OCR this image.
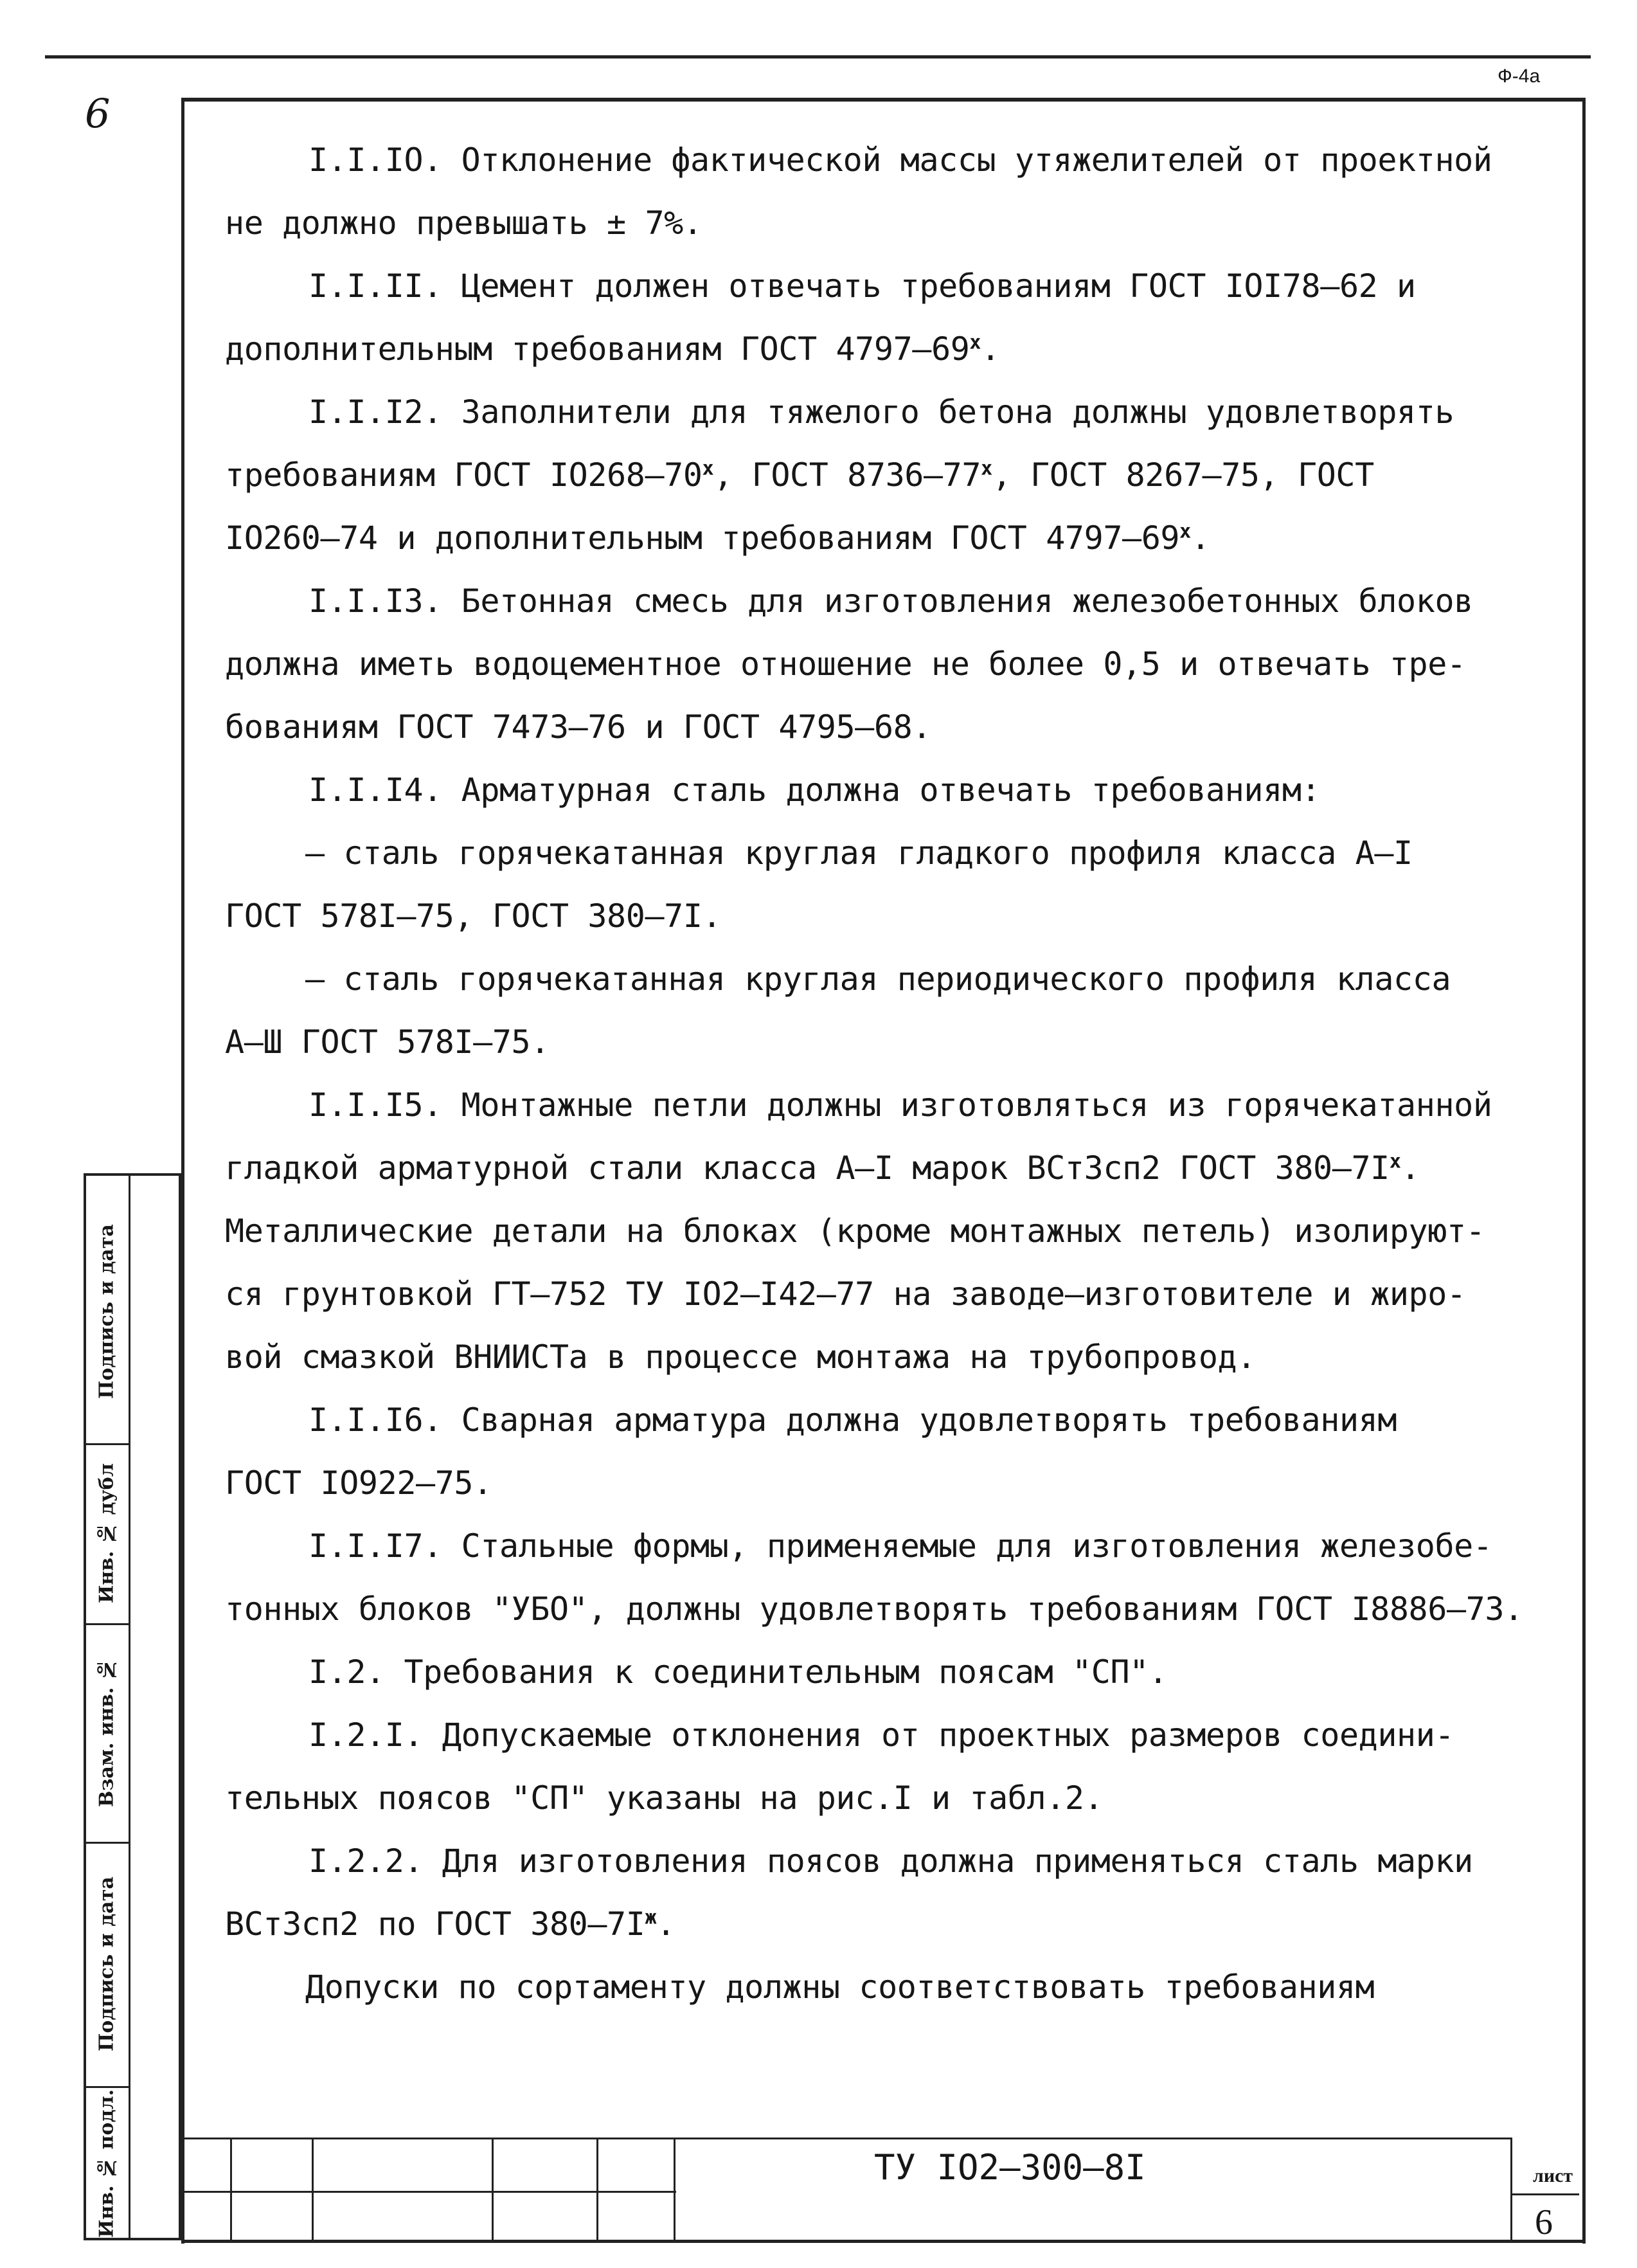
Ф-4а
6
Подпись и дата
Инв. № дубл
Взам. инв. №
Подпись и дата
Инв. № подл.
I.I.IO. Отклонение фактической массы утяжелителей от проектной
не должно превышать ± 7%.
I.I.II. Цемент должен отвечать требованиям ГОСТ IOI78–62 и
дополнительным требованиям ГОСТ $4797-69^х$.
I.I.I2. Заполнители для тяжелого бетона должны удовлетворять
требованиям ГОСТ $IO268-70^х$, ГОСТ $8736-77^х$, ГОСТ 8267–75, ГОСТ
IO260–74 и дополнительным требованиям ГОСТ $4797-69^х$.
I.I.I3. Бетонная смесь для изготовления железобетонных блоков
должна иметь водоцементное отношение не более 0,5 и отвечать тре-
бованиям ГОСТ 7473–76 и ГОСТ 4795–68.
I.I.I4. Арматурная сталь должна отвечать требованиям:
– сталь горячекатанная круглая гладкого профиля класса А–I
ГОСТ 578I–75, ГОСТ 380–7I.
– сталь горячекатанная круглая периодического профиля класса
А–Ш ГОСТ 578I–75.
I.I.I5. Монтажные петли должны изготовляться из горячекатанной
гладкой арматурной стали класса А–I марок ВСт3сп2 ГОСТ $380-7I^х$.
Металлические детали на блоках (кроме монтажных петель) изолируют-
ся грунтовкой ГТ–752 ТУ IO2–I42–77 на заводе–изготовителе и жиро-
вой смазкой ВНИИСТа в процессе монтажа на трубопровод.
I.I.I6. Сварная арматура должна удовлетворять требованиям
ГОСТ IO922–75.
I.I.I7. Стальные формы, применяемые для изготовления железобе-
тонных блоков "УБО", должны удовлетворять требованиям ГОСТ I8886–73.
I.2. Требования к соединительным поясам "СП".
I.2.I. Допускаемые отклонения от проектных размеров соедини-
тельных поясов "СП" указаны на рис.I и табл.2.
I.2.2. Для изготовления поясов должна применяться сталь марки
ВСт3сп2 по ГОСТ $380-7I^ж$.
Допуски по сортаменту должны соответствовать требованиям
ТУ IO2–300–8I	лист
6
